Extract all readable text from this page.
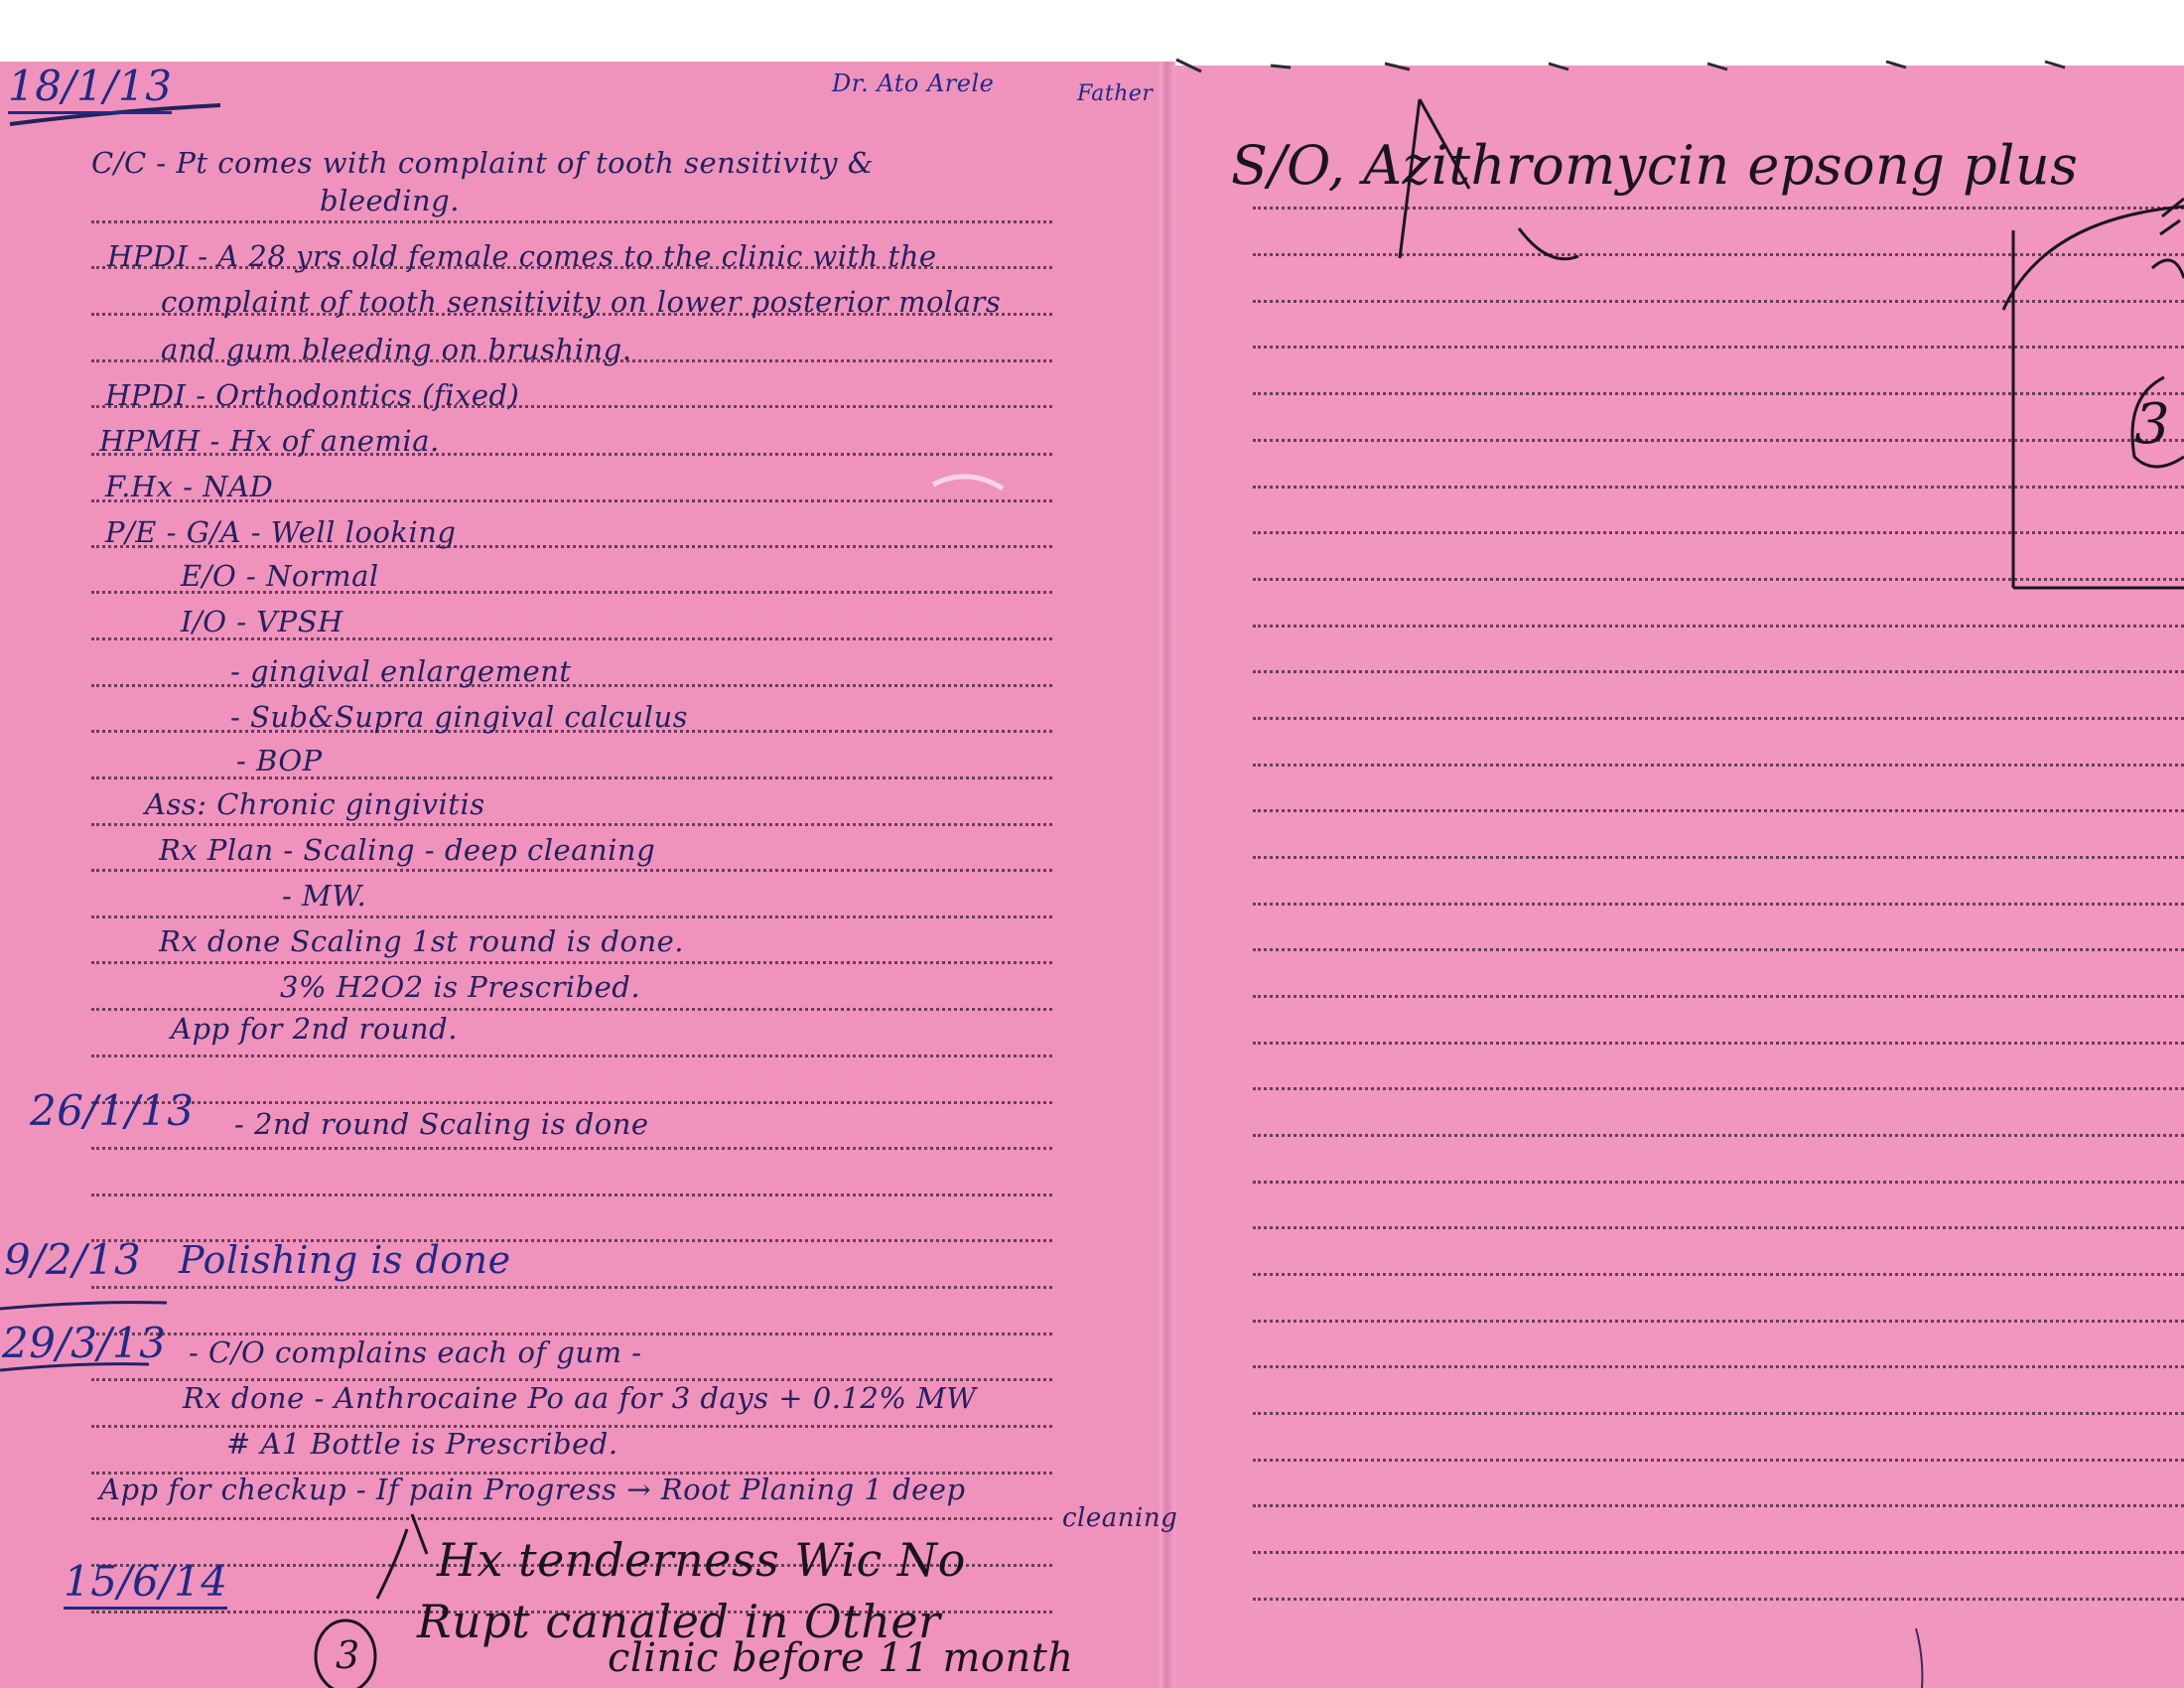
18/1/13	Dr. Ato Arele	Father
C/C - Pt comes with complaint of tooth sensitivity &
bleeding.
HPDI - A 28 yrs old female comes to the clinic with the
complaint of tooth sensitivity on lower posterior molars
and gum bleeding on brushing.
HPDI - Orthodontics (fixed)
HPMH - Hx of anemia.
F.Hx - NAD
P/E - G/A - Well looking
E/O - Normal
I/O - VPSH
- gingival enlargement
- Sub&Supra gingival calculus
- BOP
Ass: Chronic gingivitis
Rx Plan - Scaling - deep cleaning
- MW.
Rx done Scaling 1st round is done.
3% H2O2 is Prescribed.
App for 2nd round.
26/1/13 - 2nd round Scaling is done
9/2/13 Polishing is done
29/3/13 - C/O complains each of gum -
Rx done - Anthrocaine Po aa for 3 days + 0.12% MW
# A1 Bottle is Prescribed.
App for checkup - If pain Progress → Root Planing 1 deep
cleaning
15/6/14	Hx tenderness Wic No
3
Rupt canaled in Other
clinic before 11 month
S/O, Azithromycin epsong plus
3
